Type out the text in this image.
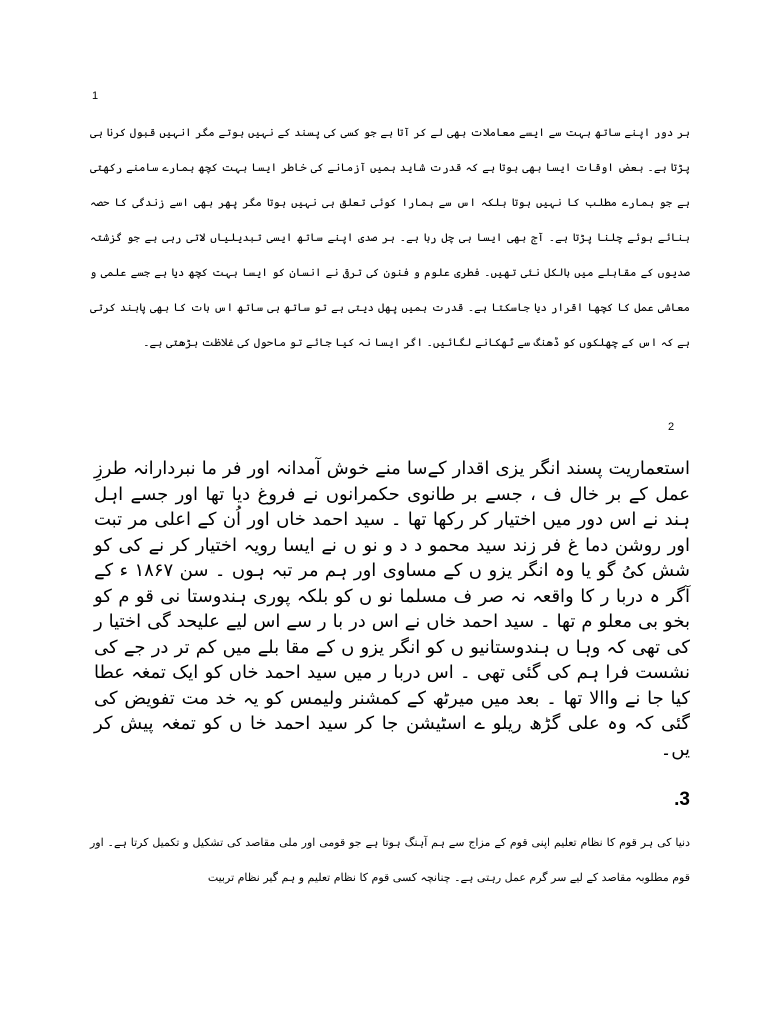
1
ہر دور اپنے ساتھ بہت سے ایسے معاملات بھی لے کر آتا ہے جو کسی کی پسند کے نہیں ہوتے مگر انہیں قبول کرنا ہی پڑتا ہے۔ بعض اوقات ایسا بھی ہوتا ہے کہ قدرت شاید ہمیں آزمانے کی خاطر ایسا بہت کچھ ہمارے سامنے رکھتی ہے جو ہمارے مطلب کا نہیں ہوتا بلکہ اس سے ہمارا کوئی تعلق ہی نہیں ہوتا مگر پھر بھی اسے زندگی کا حصہ بنائے ہوئے چلنا پڑتا ہے۔ آج بھی ایسا ہی چل رہا ہے۔ ہر صدی اپنے ساتھ ایسی تبدیلیاں لاتی رہی ہے جو گزشتہ صدیوں کے مقابلے میں بالکل نئی تھیں۔ فطری علوم و فنون کی ترقی نے انسان کو ایسا بہت کچھ دیا ہے جسے علمی و معاشی عمل کا کچھا اقرار دیا جاسکتا ہے۔ قدرت ہمیں پھل دیتی ہے تو ساتھ ہی ساتھ اس بات کا بھی پابند کرتی ہے کہ اس کے چھلکوں کو ڈھنگ سے ٹھکانے لگائیں۔ اگر ایسا نہ کیا جائے تو ماحول کی غلاظت بڑھتی ہے۔
2
استعماریت پسند انگر یزی اقدار کےسا منے خوش آمدانہ اور فر ما نبردارانہ طرزِ عمل کے بر خال ف ، جسے بر طانوی حکمرانوں نے فروغ دیا تھا اور جسے اہل ہند نے اس دور میں اختیار کر رکھا تھا ۔ سید احمد خاں اور اُن کے اعلی مر تبت اور روشن دما غ فر زند سید محمو د د و نو ں نے ایسا رویہ اختیار کر نے کی کو شش کیُ گو یا وہ انگر یزو ں کے مساوی اور ہم مر تبہ ہوں ۔ سن ۱۸۶۷ ء کے آگر ہ دربا ر کا واقعہ نہ صر ف مسلما نو ں کو بلکہ پوری ہندوستا نی قو م کو بخو بی معلو م تھا ۔ سید احمد خاں نے اس در با ر سے اس لیے علیحد گی اختیا ر کی تھی کہ وہا ں ہندوستانیو ں کو انگر یزو ں کے مقا بلے میں کم تر در جے کی نشست فرا ہم کی گئی تھی ۔ اس دربا ر میں سید احمد خاں کو ایک تمغہ عطا کیا جا نے واالا تھا ۔ بعد میں میرٹھ کے کمشنر ولیمس کو یہ خد مت تفویض کی گئی کہ وہ علی گڑھ ریلو ے اسٹیشن جا کر سید احمد خا ں کو تمغہ پیش کر یں۔
.3
دنیا کی ہر قوم کا نظام تعلیم اپنی قوم کے مزاج سے ہم آہنگ ہوتا ہے جو قومی اور ملی مقاصد کی تشکیل و تکمیل کرتا ہے۔ اور قوم مطلوبہ مقاصد کے لیے سر گرم عمل رہتی ہے۔ چنانچہ کسی قوم کا نظام تعلیم و ہم گیر نظام تربیت
